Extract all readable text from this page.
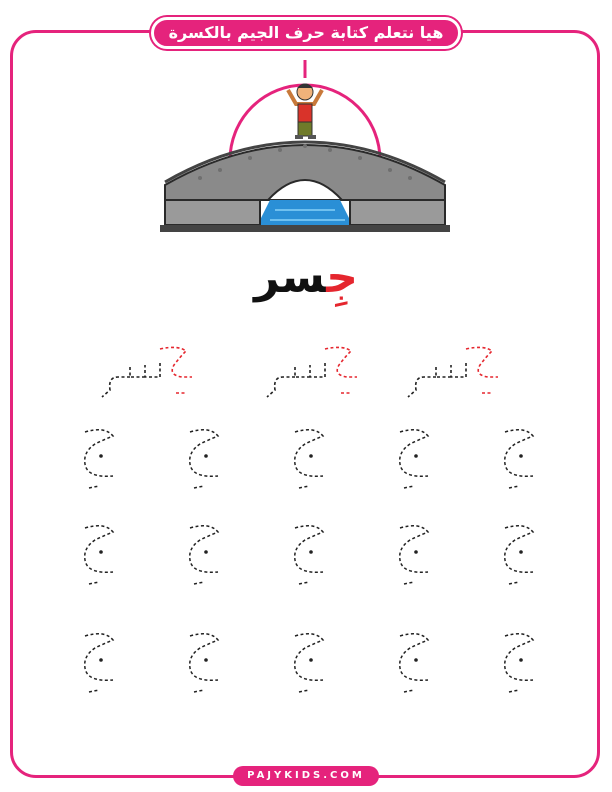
هيا نتعلم كتابة حرف الجيم بالكسرة
جِسر
PAJYKIDS.COM
